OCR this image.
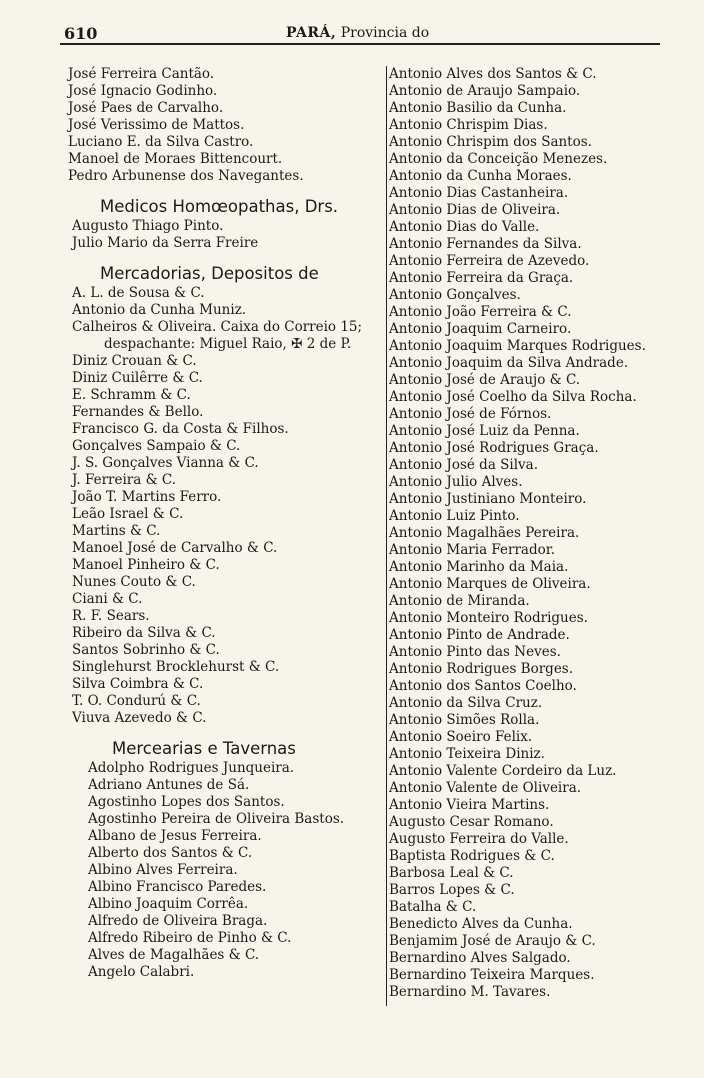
610	PARÁ, Provincia do
José Ferreira Cantão.
José Ignacio Godinho.
José Paes de Carvalho.
José Verissimo de Mattos.
Luciano E. da Silva Castro.
Manoel de Moraes Bittencourt.
Pedro Arbunense dos Navegantes.
Medicos Homœopathas, Drs.
Augusto Thiago Pinto.
Julio Mario da Serra Freire
Mercadorias, Depositos de
A. L. de Sousa & C.
Antonio da Cunha Muniz.
Calheiros & Oliveira. Caixa do Correio 15;
despachante: Miguel Raio, ✠ 2 de P.
Diniz Crouan & C.
Diniz Cuilêrre & C.
E. Schramm & C.
Fernandes & Bello.
Francisco G. da Costa & Filhos.
Gonçalves Sampaio & C.
J. S. Gonçalves Vianna & C.
J. Ferreira & C.
João T. Martins Ferro.
Leão Israel & C.
Martins & C.
Manoel José de Carvalho & C.
Manoel Pinheiro & C.
Nunes Couto & C.
Ciani & C.
R. F. Sears.
Ribeiro da Silva & C.
Santos Sobrinho & C.
Singlehurst Brocklehurst & C.
Silva Coimbra & C.
T. O. Condurú & C.
Viuva Azevedo & C.
Mercearias e Tavernas
Adolpho Rodrigues Junqueira.
Adriano Antunes de Sá.
Agostinho Lopes dos Santos.
Agostinho Pereira de Oliveira Bastos.
Albano de Jesus Ferreira.
Alberto dos Santos & C.
Albino Alves Ferreira.
Albino Francisco Paredes.
Albino Joaquim Corrêa.
Alfredo de Oliveira Braga.
Alfredo Ribeiro de Pinho & C.
Alves de Magalhães & C.
Angelo Calabri.
Antonio Alves dos Santos & C.
Antonio de Araujo Sampaio.
Antonio Basilio da Cunha.
Antonio Chrispim Dias.
Antonio Chrispim dos Santos.
Antonio da Conceição Menezes.
Antonio da Cunha Moraes.
Antonio Dias Castanheira.
Antonio Dias de Oliveira.
Antonio Dias do Valle.
Antonio Fernandes da Silva.
Antonio Ferreira de Azevedo.
Antonio Ferreira da Graça.
Antonio Gonçalves.
Antonio João Ferreira & C.
Antonio Joaquim Carneiro.
Antonio Joaquim Marques Rodrigues.
Antonio Joaquim da Silva Andrade.
Antonio José de Araujo & C.
Antonio José Coelho da Silva Rocha.
Antonio José de Fórnos.
Antonio José Luiz da Penna.
Antonio José Rodrigues Graça.
Antonio José da Silva.
Antonio Julio Alves.
Antonio Justiniano Monteiro.
Antonio Luiz Pinto.
Antonio Magalhães Pereira.
Antonio Maria Ferrador.
Antonio Marinho da Maia.
Antonio Marques de Oliveira.
Antonio de Miranda.
Antonio Monteiro Rodrigues.
Antonio Pinto de Andrade.
Antonio Pinto das Neves.
Antonio Rodrigues Borges.
Antonio dos Santos Coelho.
Antonio da Silva Cruz.
Antonio Simões Rolla.
Antonio Soeiro Felix.
Antonio Teixeira Diniz.
Antonio Valente Cordeiro da Luz.
Antonio Valente de Oliveira.
Antonio Vieira Martins.
Augusto Cesar Romano.
Augusto Ferreira do Valle.
Baptista Rodrigues & C.
Barbosa Leal & C.
Barros Lopes & C.
Batalha & C.
Benedicto Alves da Cunha.
Benjamim José de Araujo & C.
Bernardino Alves Salgado.
Bernardino Teixeira Marques.
Bernardino M. Tavares.
